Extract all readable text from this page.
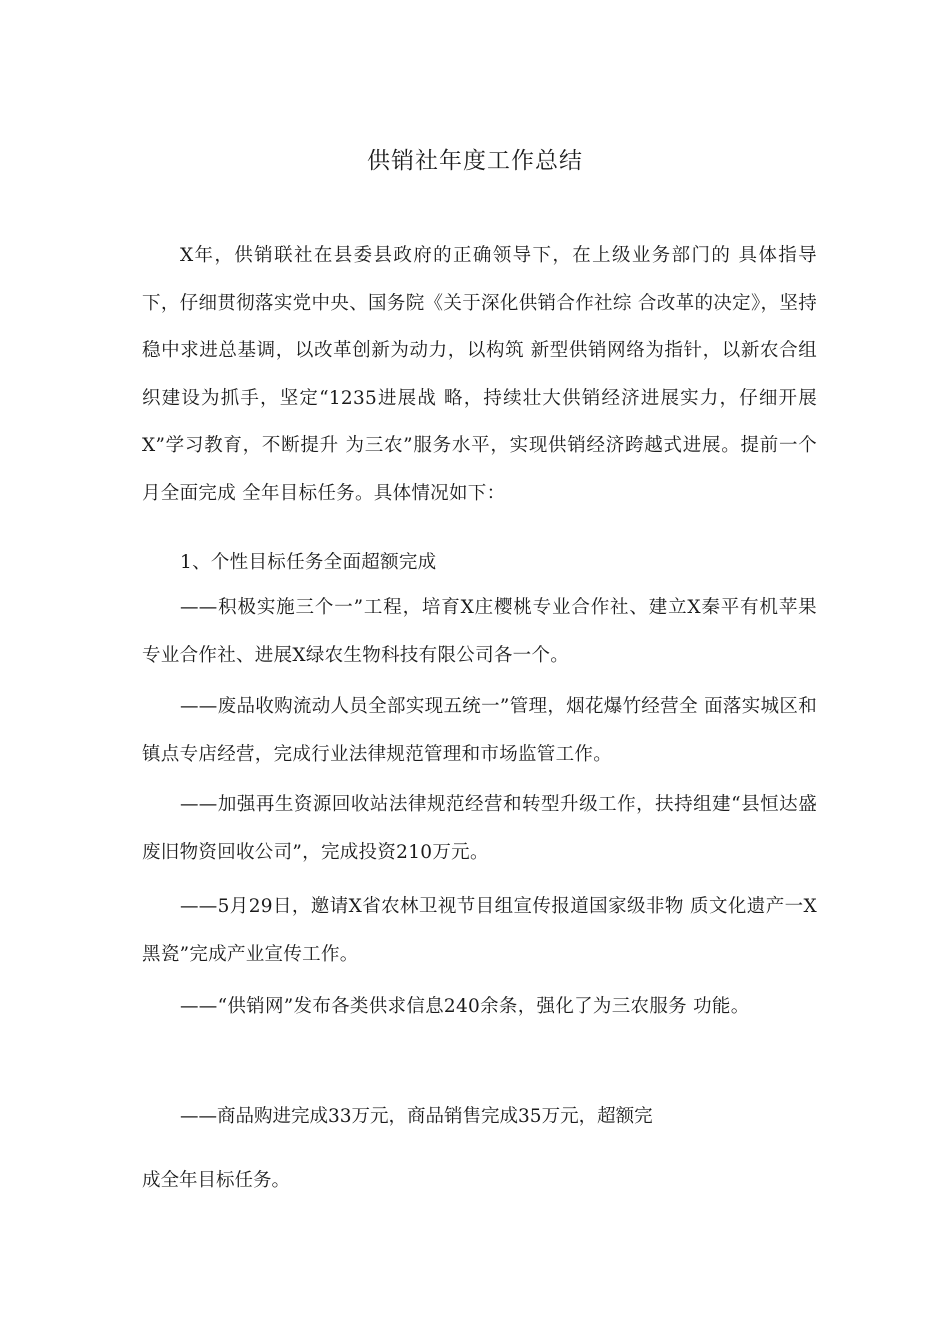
供销社年度工作总结
X年，供销联社在县委县政府的正确领导下，在上级业务部门的 具体指导下，仔细贯彻落实党中央、国务院《关于深化供销合作社综 合改革的决定》，坚持稳中求进总基调，以改革创新为动力，以构筑 新型供销网络为指针，以新农合组织建设为抓手，坚定“1235进展战 略，持续壮大供销经济进展实力，仔细开展X”学习教育，不断提升 为三农”服务水平，实现供销经济跨越式进展。提前一个月全面完成 全年目标任务。具体情况如下：
1、个性目标任务全面超额完成
——积极实施三个一”工程，培育X庄樱桃专业合作社、建立X秦平有机苹果专业合作社、进展X绿农生物科技有限公司各一个。
——废品收购流动人员全部实现五统一”管理，烟花爆竹经营全 面落实城区和镇点专店经营，完成行业法律规范管理和市场监管工作。
——加强再生资源回收站法律规范经营和转型升级工作，扶持组建“县恒达盛废旧物资回收公司”，完成投资210万元。
——5月29日，邀请X省农林卫视节目组宣传报道国家级非物 质文化遗产一X黑瓷”完成产业宣传工作。
——“供销网”发布各类供求信息240余条，强化了为三农服务 功能。
——商品购进完成33万元，商品销售完成35万元，超额完
成全年目标任务。
